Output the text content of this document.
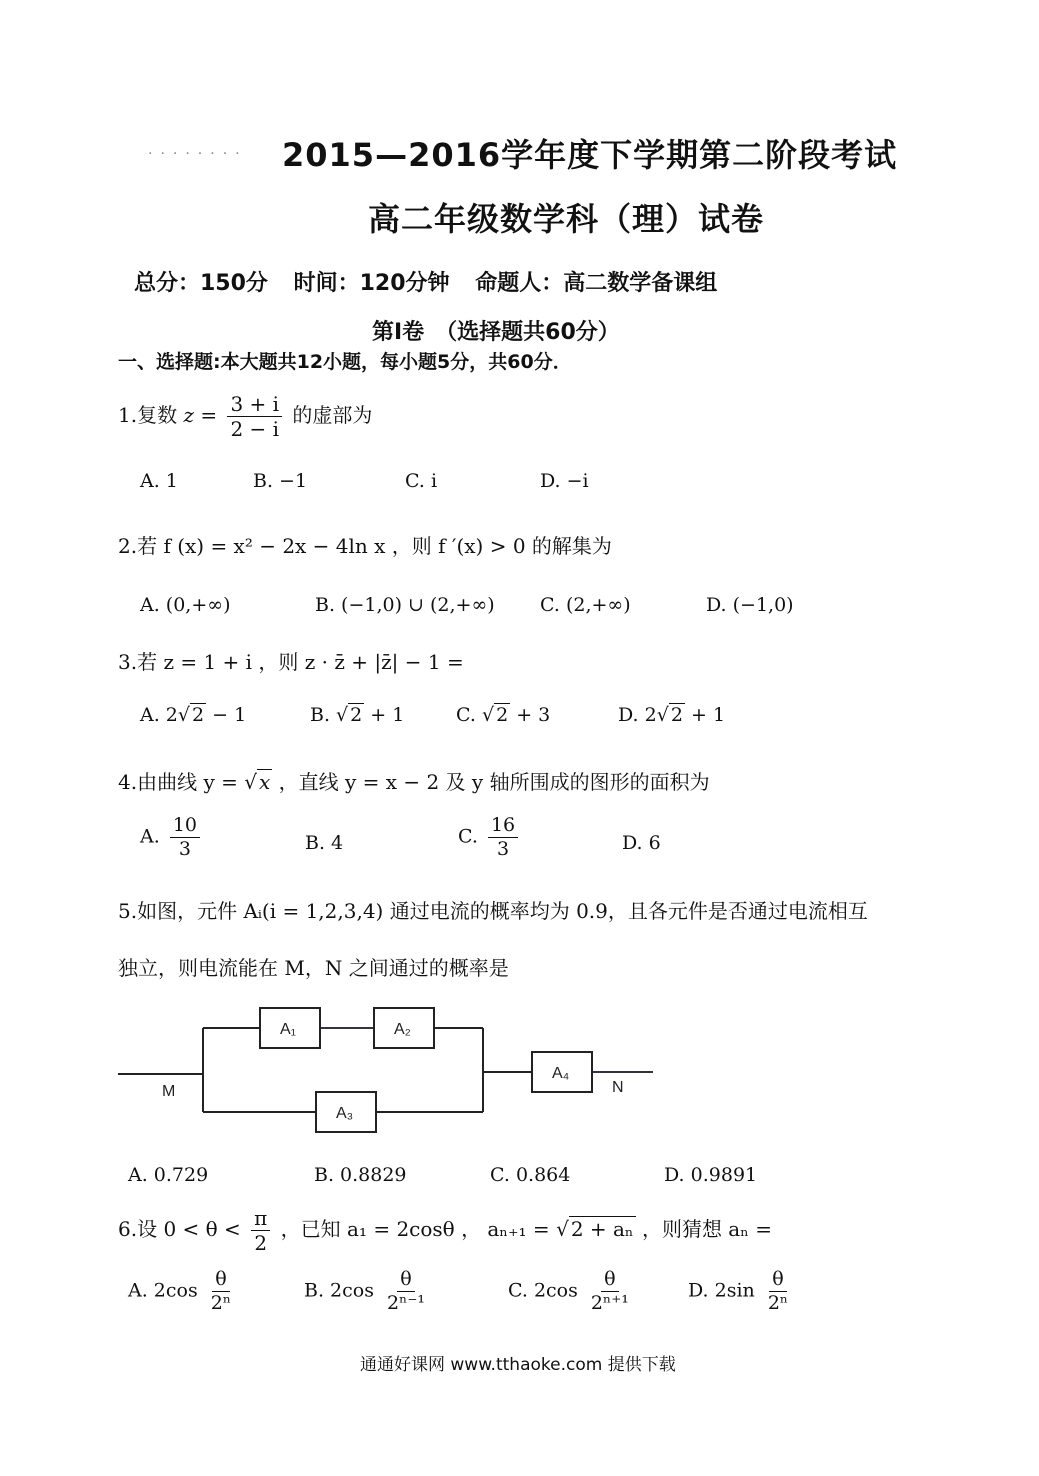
........ 2015—2016学年度下学期第二阶段考试
高二年级数学科（理）试卷
总分：150分 时间：120分钟 命题人：高二数学备课组
第Ⅰ卷　（选择题共60分）
一、选择题:本大题共12小题，每小题5分，共60分．
1.复数 $z = \frac{3 + i}{2 - i}$ 的虚部为
A. 1	B. −1	C. i	D. −i
2.若 f (x) = x² − 2x − 4ln x ，则 f ′(x) > 0 的解集为
A. (0,+∞)	B. (−1,0) ∪ (2,+∞) C. (2,+∞)	D. (−1,0)
3.若 z = 1 + i ，则 z · z̄ + |z̄| − 1 =
A. 2√ 2 − 1	B. √ 2 + 1	C. √ 2 + 3	D. 2√ 2 + 1
4.由曲线 y = √ x ，直线 y = x − 2 及 y 轴所围成的图形的面积为
A. $\frac{10}{3}$	B. 4	C. $\frac{16}{3}$	D. 6
5.如图，元件 Aᵢ(i = 1,2,3,4) 通过电流的概率均为 0.9，且各元件是否通过电流相互
独立，则电流能在 M，N 之间通过的概率是
A₁	A₂
A₃
A₄
M	N
A. 0.729	B. 0.8829	C. 0.864	D. 0.9891
6.设 $0 < \theta < \frac{\pi}{2}$ ，已知 a₁ = 2cosθ ， aₙ₊₁ = √ 2 + aₙ ，则猜想 aₙ =
A. $2\cos \frac{\theta}{\text{2ⁿ}}$	B. $2\cos \frac{\theta}{\text{2ⁿ⁻¹}}$	C. $2\cos \frac{\theta}{\text{2ⁿ⁺¹}}$	D. $2\sin \frac{\theta}{\text{2ⁿ}}$
通通好课网 www.tthaoke.com 提供下载
